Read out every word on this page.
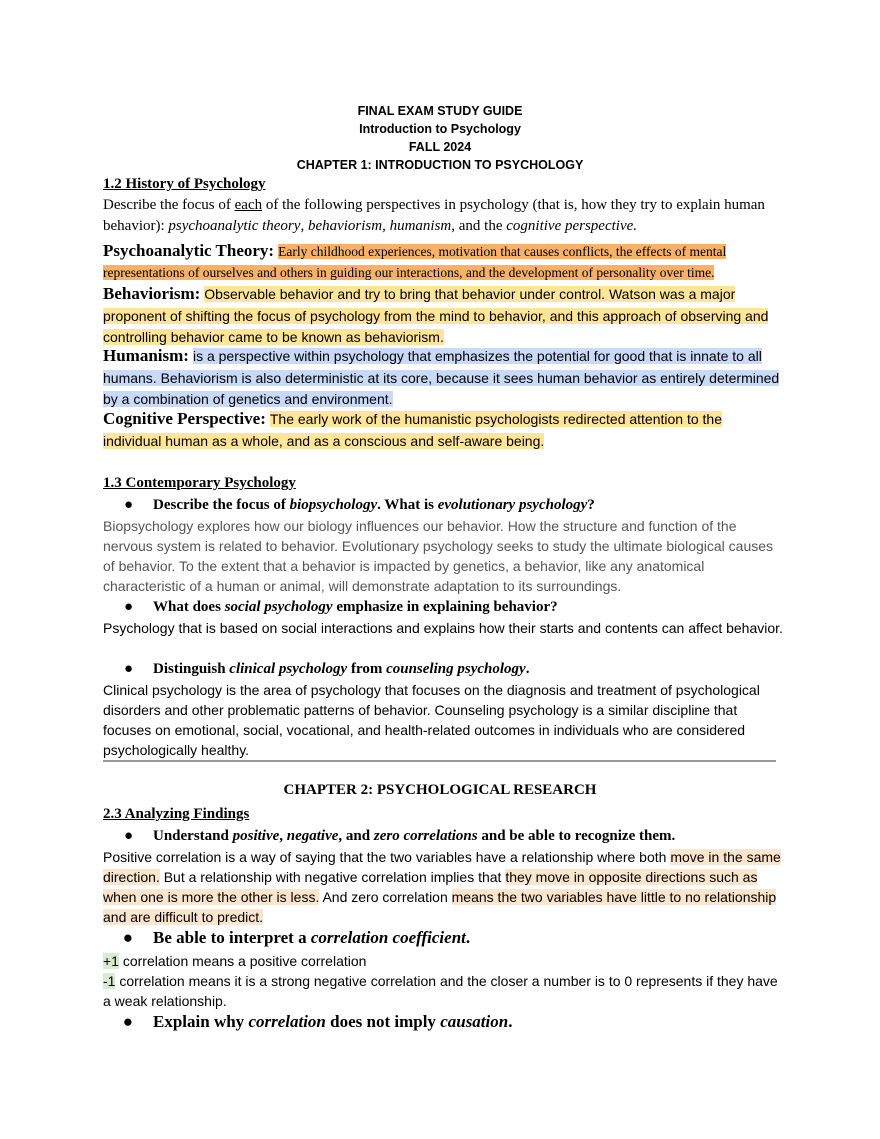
FINAL EXAM STUDY GUIDE
Introduction to Psychology
FALL 2024
CHAPTER 1: INTRODUCTION TO PSYCHOLOGY
1.2 History of Psychology
Describe the focus of each of the following perspectives in psychology (that is, how they try to explain human behavior): psychoanalytic theory, behaviorism, humanism, and the cognitive perspective.
Psychoanalytic Theory: Early childhood experiences, motivation that causes conflicts, the effects of mental representations of ourselves and others in guiding our interactions, and the development of personality over time.
Behaviorism: Observable behavior and try to bring that behavior under control. Watson was a major proponent of shifting the focus of psychology from the mind to behavior, and this approach of observing and controlling behavior came to be known as behaviorism.
Humanism: is a perspective within psychology that emphasizes the potential for good that is innate to all humans. Behaviorism is also deterministic at its core, because it sees human behavior as entirely determined by a combination of genetics and environment.
Cognitive Perspective: The early work of the humanistic psychologists redirected attention to the individual human as a whole, and as a conscious and self-aware being.
1.3 Contemporary Psychology
● Describe the focus of biopsychology. What is evolutionary psychology?
Biopsychology explores how our biology influences our behavior. How the structure and function of the nervous system is related to behavior. Evolutionary psychology seeks to study the ultimate biological causes of behavior. To the extent that a behavior is impacted by genetics, a behavior, like any anatomical characteristic of a human or animal, will demonstrate adaptation to its surroundings.
● What does social psychology emphasize in explaining behavior?
Psychology that is based on social interactions and explains how their starts and contents can affect behavior.
● Distinguish clinical psychology from counseling psychology.
Clinical psychology is the area of psychology that focuses on the diagnosis and treatment of psychological disorders and other problematic patterns of behavior. Counseling psychology is a similar discipline that focuses on emotional, social, vocational, and health-related outcomes in individuals who are considered psychologically healthy.
CHAPTER 2: PSYCHOLOGICAL RESEARCH
2.3 Analyzing Findings
● Understand positive, negative, and zero correlations and be able to recognize them.
Positive correlation is a way of saying that the two variables have a relationship where both move in the same direction. But a relationship with negative correlation implies that they move in opposite directions such as when one is more the other is less. And zero correlation means the two variables have little to no relationship and are difficult to predict.
● Be able to interpret a correlation coefficient.
+1 correlation means a positive correlation
-1 correlation means it is a strong negative correlation and the closer a number is to 0 represents if they have a weak relationship.
● Explain why correlation does not imply causation.
